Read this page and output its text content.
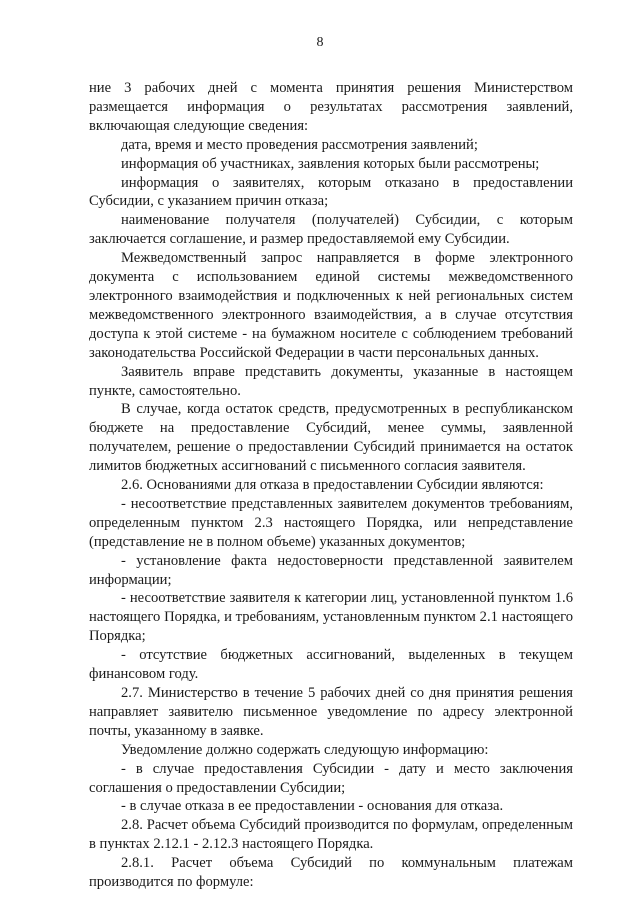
8

ние 3 рабочих дней с момента принятия решения Министерством размещается информация о результатах рассмотрения заявлений, включающая следующие сведения:

дата, время и место проведения рассмотрения заявлений;

информация об участниках, заявления которых были рассмотрены;

информация о заявителях, которым отказано в предоставлении Субсидии, с указанием причин отказа;

наименование получателя (получателей) Субсидии, с которым заключается соглашение, и размер предоставляемой ему Субсидии.

Межведомственный запрос направляется в форме электронного документа с использованием единой системы межведомственного электронного взаимодействия и подключенных к ней региональных систем межведомственного электронного взаимодействия, а в случае отсутствия доступа к этой системе - на бумажном носителе с соблюдением требований законодательства Российской Федерации в части персональных данных.

Заявитель вправе представить документы, указанные в настоящем пункте, самостоятельно.

В случае, когда остаток средств, предусмотренных в республиканском бюджете на предоставление Субсидий, менее суммы, заявленной получателем, решение о предоставлении Субсидий принимается на остаток лимитов бюджетных ассигнований с письменного согласия заявителя.

2.6. Основаниями для отказа в предоставлении Субсидии являются:

- несоответствие представленных заявителем документов требованиям, определенным пунктом 2.3 настоящего Порядка, или непредставление (представление не в полном объеме) указанных документов;

- установление факта недостоверности представленной заявителем информации;

- несоответствие заявителя к категории лиц, установленной пунктом 1.6 настоящего Порядка, и требованиям, установленным пунктом 2.1 настоящего Порядка;

- отсутствие бюджетных ассигнований, выделенных в текущем финансовом году.

2.7. Министерство в течение 5 рабочих дней со дня принятия решения направляет заявителю письменное уведомление по адресу электронной почты, указанному в заявке.

Уведомление должно содержать следующую информацию:

- в случае предоставления Субсидии - дату и место заключения соглашения о предоставлении Субсидии;

- в случае отказа в ее предоставлении - основания для отказа.

2.8. Расчет объема Субсидий производится по формулам, определенным в пунктах 2.12.1 - 2.12.3 настоящего Порядка.

2.8.1. Расчет объема Субсидий по коммунальным платежам производится по формуле:
